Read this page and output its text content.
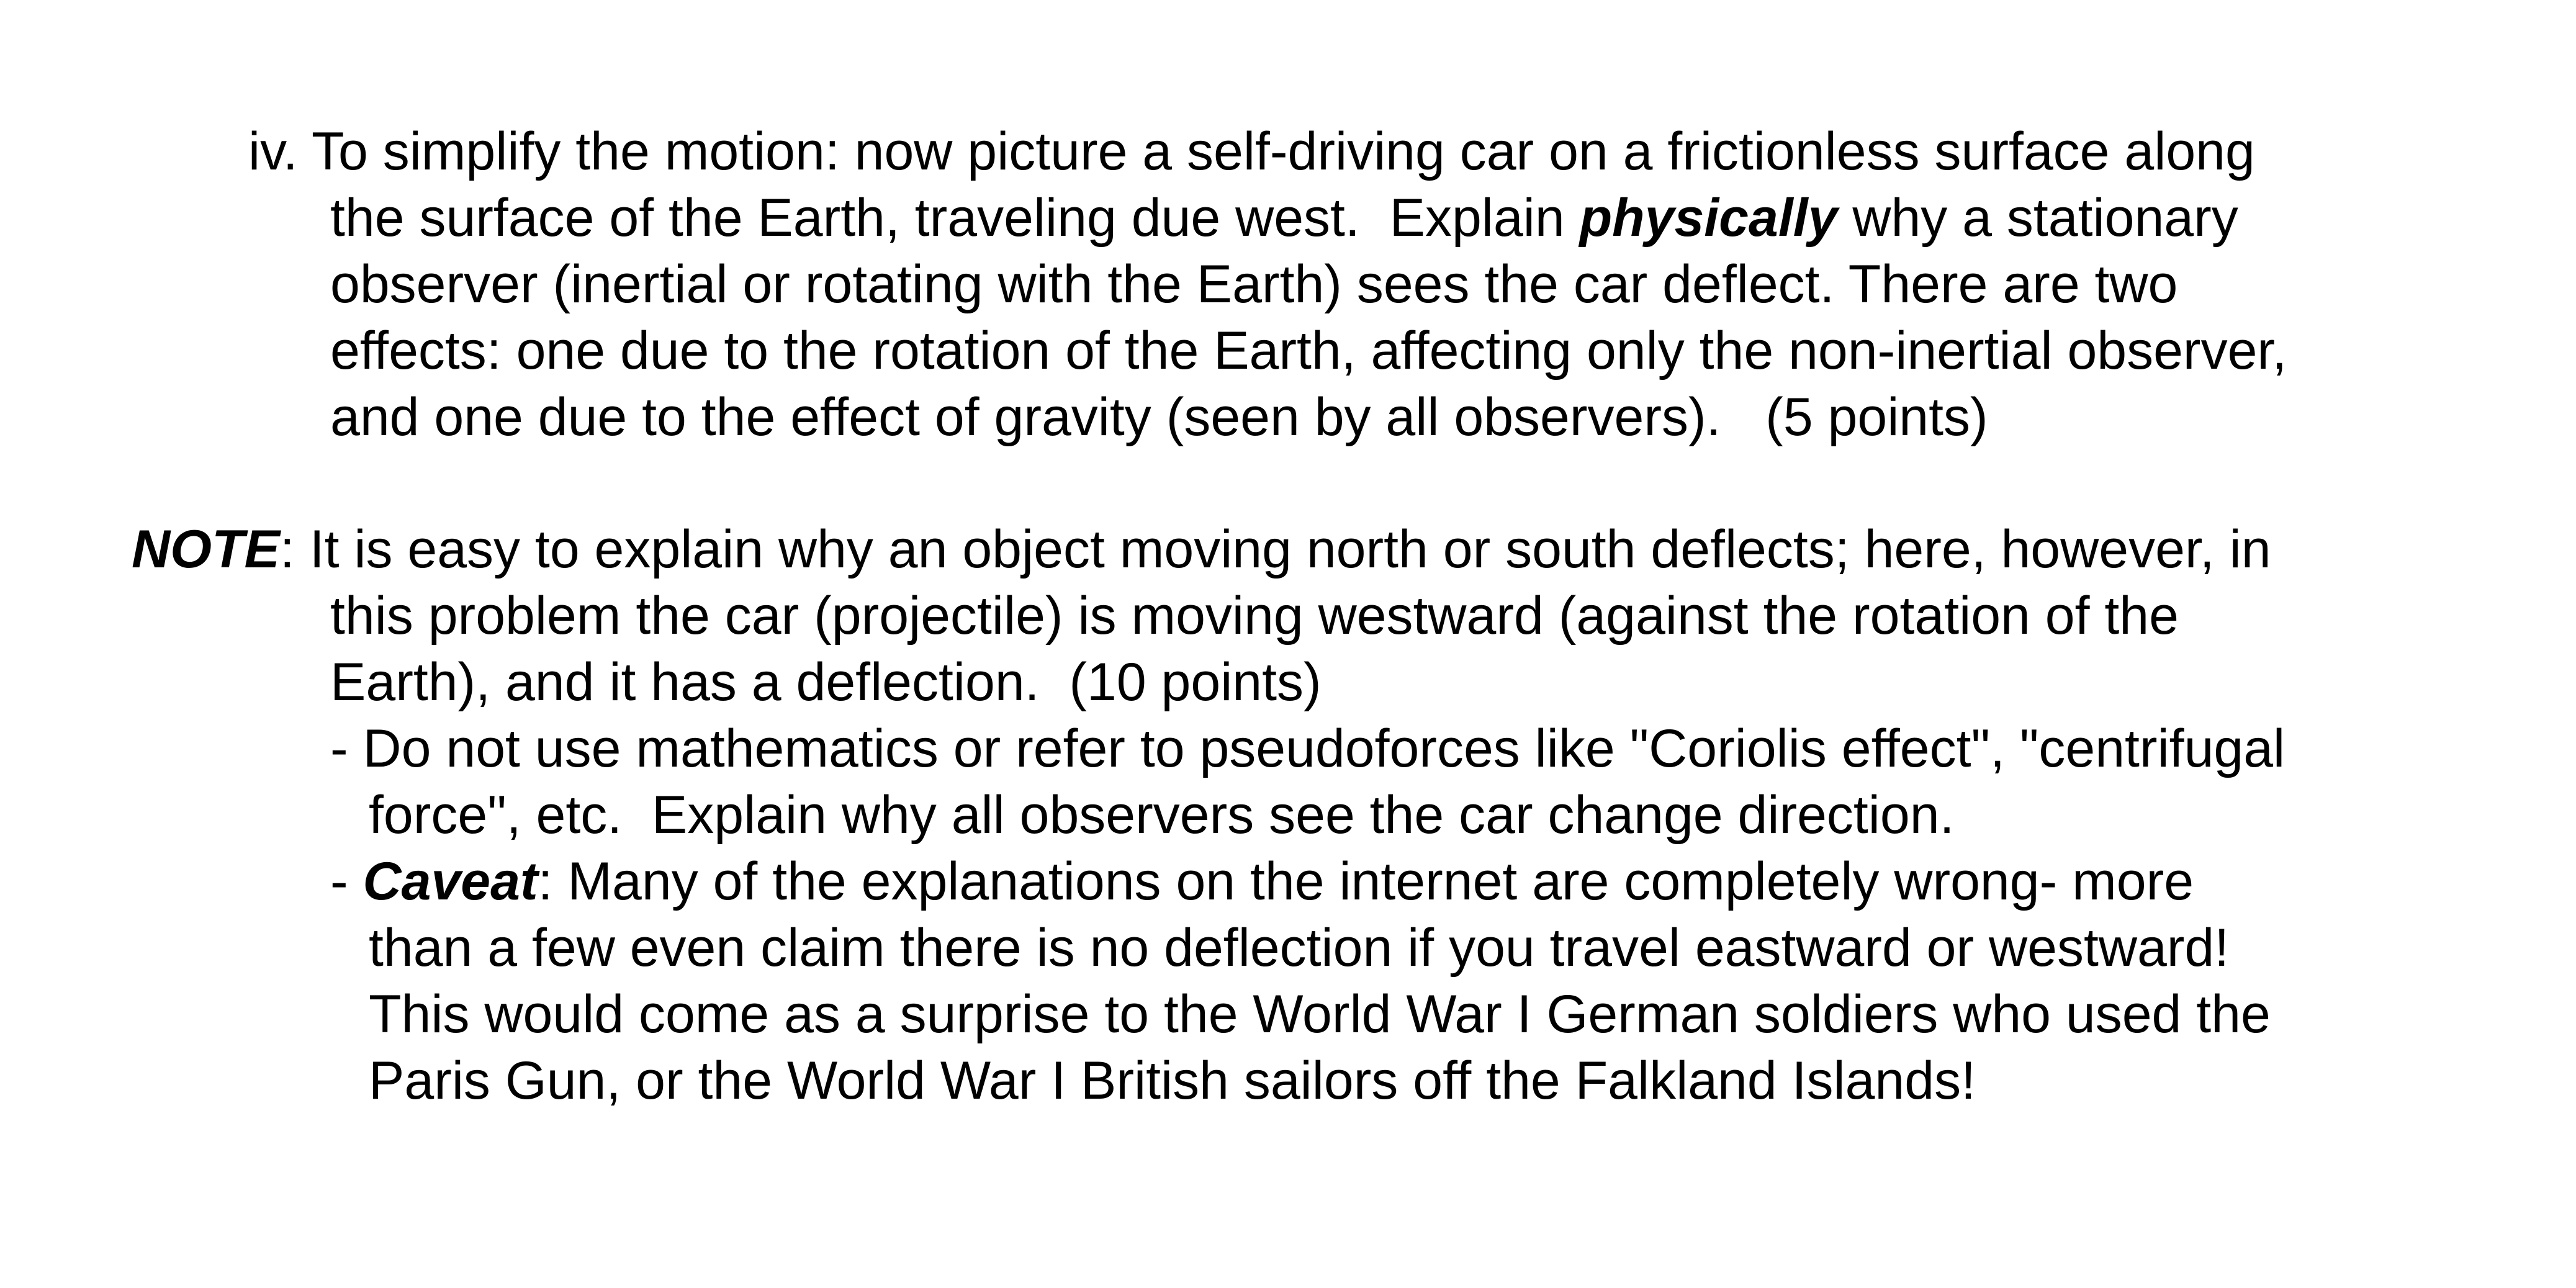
iv. To simplify the motion: now picture a self-driving car on a frictionless surface along
the surface of the Earth, traveling due west.  Explain physically why a stationary
observer (inertial or rotating with the Earth) sees the car deflect. There are two
effects: one due to the rotation of the Earth, affecting only the non-inertial observer,
and one due to the effect of gravity (seen by all observers).   (5 points)
NOTE: It is easy to explain why an object moving north or south deflects; here, however, in
this problem the car (projectile) is moving westward (against the rotation of the
Earth), and it has a deflection.  (10 points)
- Do not use mathematics or refer to pseudoforces like "Coriolis effect", "centrifugal
force", etc.  Explain why all observers see the car change direction.
- Caveat: Many of the explanations on the internet are completely wrong- more
than a few even claim there is no deflection if you travel eastward or westward!
This would come as a surprise to the World War I German soldiers who used the
Paris Gun, or the World War I British sailors off the Falkland Islands!
